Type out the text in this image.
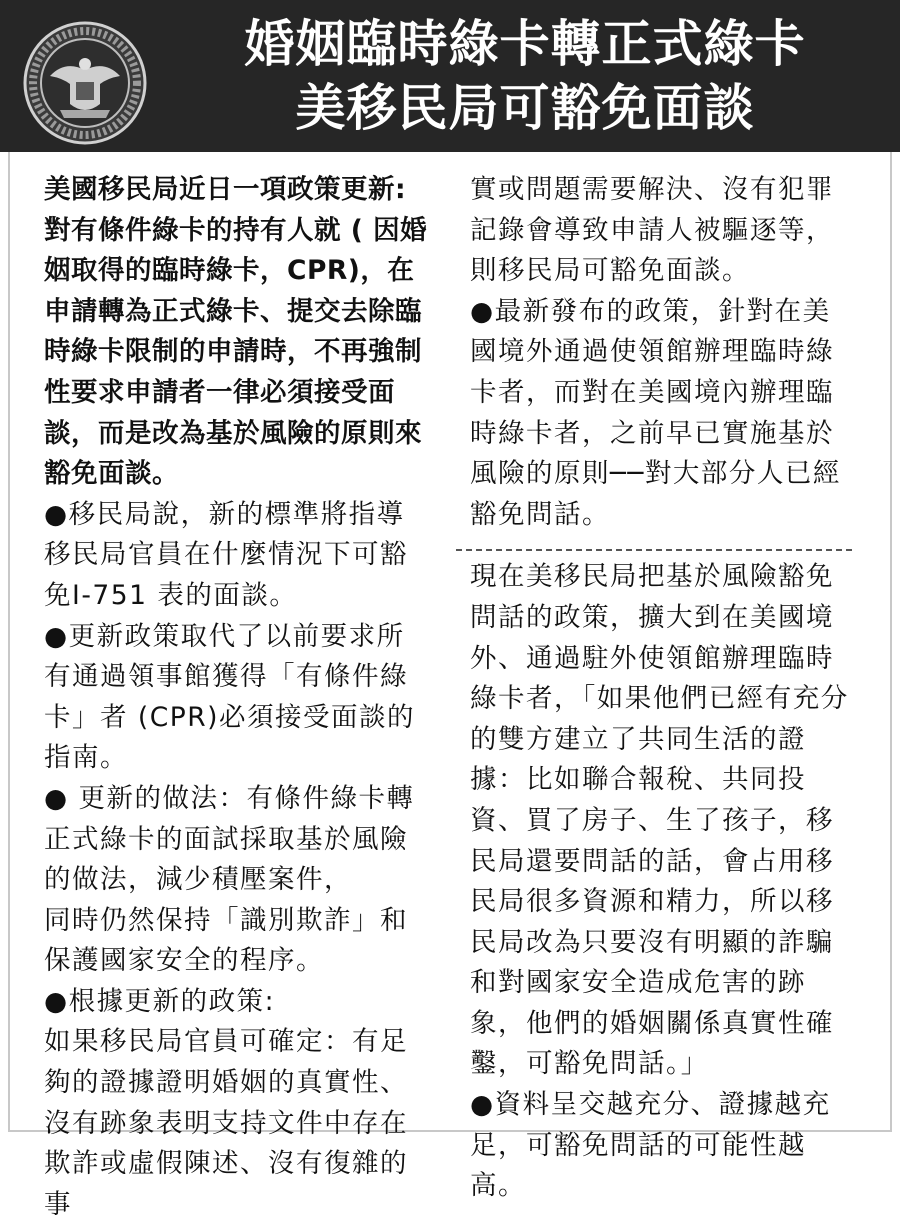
婚姻臨時綠卡轉正式綠卡
美移民局可豁免面談

美國移民局近日一項政策更新:對有條件綠卡的持有人就 ( 因婚姻取得的臨時綠卡，CPR)，在申請轉為正式綠卡、提交去除臨時綠卡限制的申請時，不再強制性要求申請者一律必須接受面談，而是改為基於風險的原則來豁免面談。

●移民局說，新的標準將指導移民局官員在什麼情況下可豁免I-751 表的面談。

●更新政策取代了以前要求所有通過領事館獲得「有條件綠卡」者 (CPR)必須接受面談的指南。

● 更新的做法：有條件綠卡轉正式綠卡的面試採取基於風險的做法，減少積壓案件，

同時仍然保持「識別欺詐」和保護國家安全的程序。

●根據更新的政策:

如果移民局官員可確定：有足夠的證據證明婚姻的真實性、沒有跡象表明支持文件中存在欺詐或虛假陳述、沒有復雜的事

實或問題需要解決、沒有犯罪記錄會導致申請人被驅逐等，則移民局可豁免面談。

●最新發布的政策，針對在美國境外通過使領館辦理臨時綠卡者，而對在美國境內辦理臨時綠卡者，之前早已實施基於風險的原則──對大部分人已經豁免問話。

現在美移民局把基於風險豁免問話的政策，擴大到在美國境外、通過駐外使領館辦理臨時綠卡者，「如果他們已經有充分的雙方建立了共同生活的證據：比如聯合報稅、共同投資、買了房子、生了孩子，移民局還要問話的話，會占用移民局很多資源和精力，所以移民局改為只要沒有明顯的詐騙和對國家安全造成危害的跡象，他們的婚姻關係真實性確鑿，可豁免問話。」

●資料呈交越充分、證據越充足，可豁免問話的可能性越高。
